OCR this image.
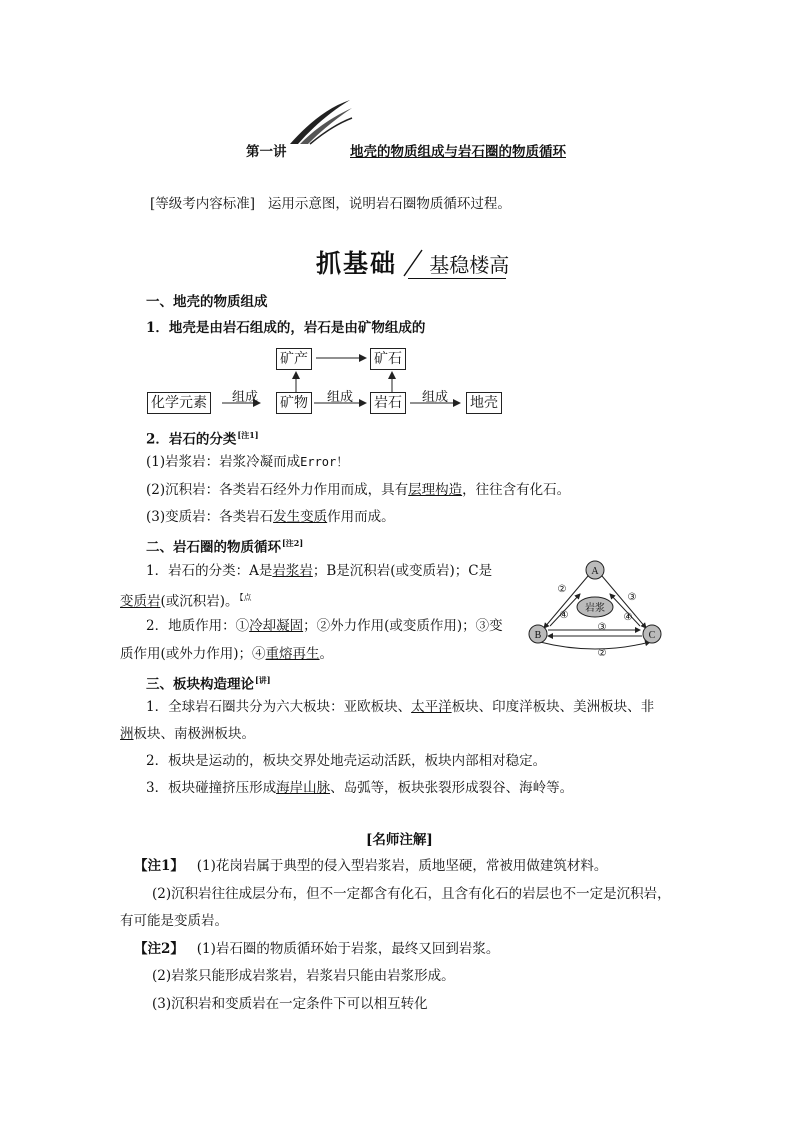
第一讲	地壳的物质组成与岩石圈的物质循环
[等级考内容标准] 运用示意图，说明岩石圈物质循环过程。
抓基础 基稳楼高
一、地壳的物质组成
1．地壳是由岩石组成的，岩石是由矿物组成的
化学元素	矿物
矿产	矿石
岩石	地壳
组成	组成	组成
2．岩石的分类[注1]
(1)岩浆岩：岩浆冷凝而成Error！
(2)沉积岩：各类岩石经外力作用而成，具有层理构造，往往含有化石。
(3)变质岩：各类岩石发生变质作用而成。
二、岩石圈的物质循环[注2]
1．岩石的分类：A是岩浆岩；B是沉积岩(或变质岩)；C是
变质岩(或沉积岩)。$^{【点}$
2．地质作用：①冷却凝固；②外力作用(或变质作用)；③变
质作用(或外力作用)；④重熔再生。
A
B	C
岩浆
②
④
③
④
③
②
三、板块构造理论[讲]
1．全球岩石圈共分为六大板块：亚欧板块、太平洋板块、印度洋板块、美洲板块、非
洲板块、南极洲板块。
2．板块是运动的，板块交界处地壳运动活跃，板块内部相对稳定。
3．板块碰撞挤压形成海岸山脉、岛弧等，板块张裂形成裂谷、海岭等。
[名师注解]
【注1】 (1)花岗岩属于典型的侵入型岩浆岩，质地坚硬，常被用做建筑材料。
(2)沉积岩往往成层分布，但不一定都含有化石，且含有化石的岩层也不一定是沉积岩，
有可能是变质岩。
【注2】 (1)岩石圈的物质循环始于岩浆，最终又回到岩浆。
(2)岩浆只能形成岩浆岩，岩浆岩只能由岩浆形成。
(3)沉积岩和变质岩在一定条件下可以相互转化
